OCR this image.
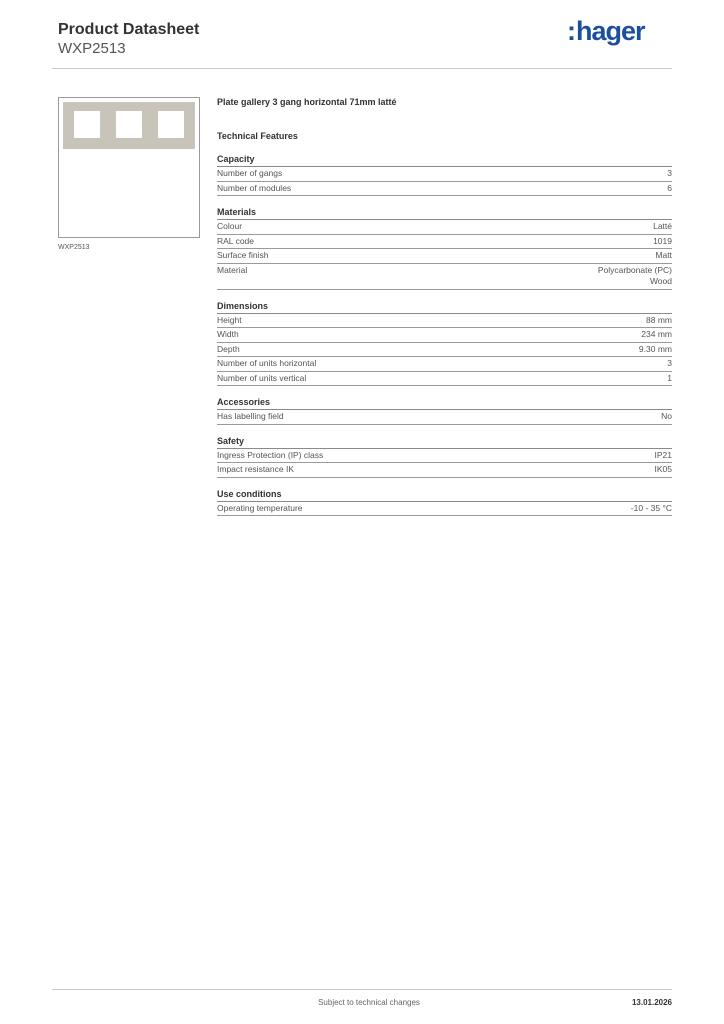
Product Datasheet
WXP2513
:hager
WXP2513
Plate gallery 3 gang horizontal 71mm latté
Technical Features
Capacity
Number of gangs	3
Number of modules	6
Materials
Colour	Latté
RAL code	1019
Surface finish	Matt
Material	Polycarbonate (PC)
Wood
Dimensions
Height	88 mm
Width	234 mm
Depth	9.30 mm
Number of units horizontal	3
Number of units vertical	1
Accessories
Has labelling field	No
Safety
Ingress Protection (IP) class	IP21
Impact resistance IK	IK05
Use conditions
Operating temperature	-10 - 35 °C
Subject to technical changes	13.01.2026
